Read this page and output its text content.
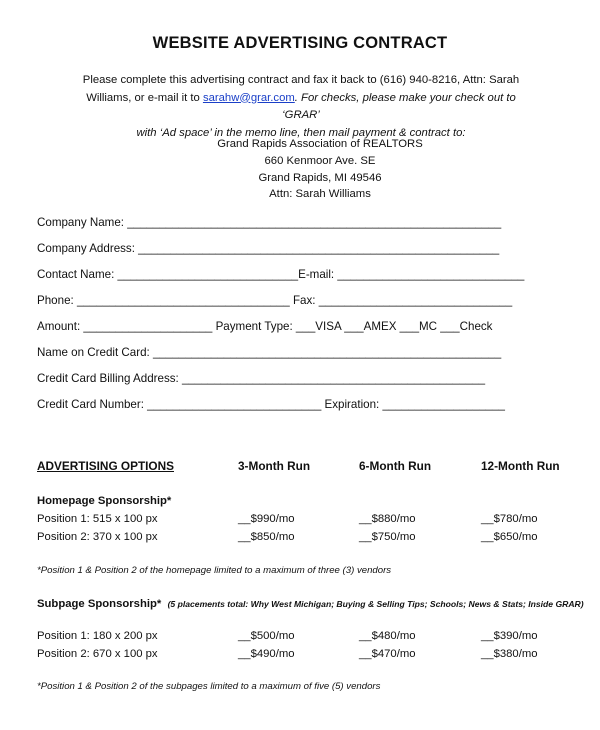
WEBSITE ADVERTISING CONTRACT
Please complete this advertising contract and fax it back to (616) 940-8216, Attn: Sarah
Williams, or e-mail it to sarahw@grar.com. For checks, please make your check out to ‘GRAR’
with ‘Ad space’ in the memo line, then mail payment & contract to:
Grand Rapids Association of REALTORS
660 Kenmoor Ave. SE
Grand Rapids, MI 49546
Attn: Sarah Williams
Company Name: __________________________________________________________
Company Address: ________________________________________________________
Contact Name: ____________________________E-mail: _____________________________
Phone: _________________________________ Fax: ______________________________
Amount: ____________________ Payment Type: ___VISA ___AMEX ___MC ___Check
Name on Credit Card: ______________________________________________________
Credit Card Billing Address: _______________________________________________
Credit Card Number: ___________________________ Expiration: ___________________
ADVERTISING OPTIONS	3-Month Run	6-Month Run	12-Month Run
Homepage Sponsorship*
Position 1: 515 x 100 px	__$990/mo	__$880/mo	__$780/mo
Position 2: 370 x 100 px	__$850/mo	__$750/mo	__$650/mo
*Position 1 & Position 2 of the homepage limited to a maximum of three (3) vendors
Subpage Sponsorship* (5 placements total: Why West Michigan; Buying & Selling Tips; Schools; News & Stats; Inside GRAR)
Position 1: 180 x 200 px	__$500/mo	__$480/mo	__$390/mo
Position 2: 670 x 100 px	__$490/mo	__$470/mo	__$380/mo
*Position 1 & Position 2 of the subpages limited to a maximum of five (5) vendors
